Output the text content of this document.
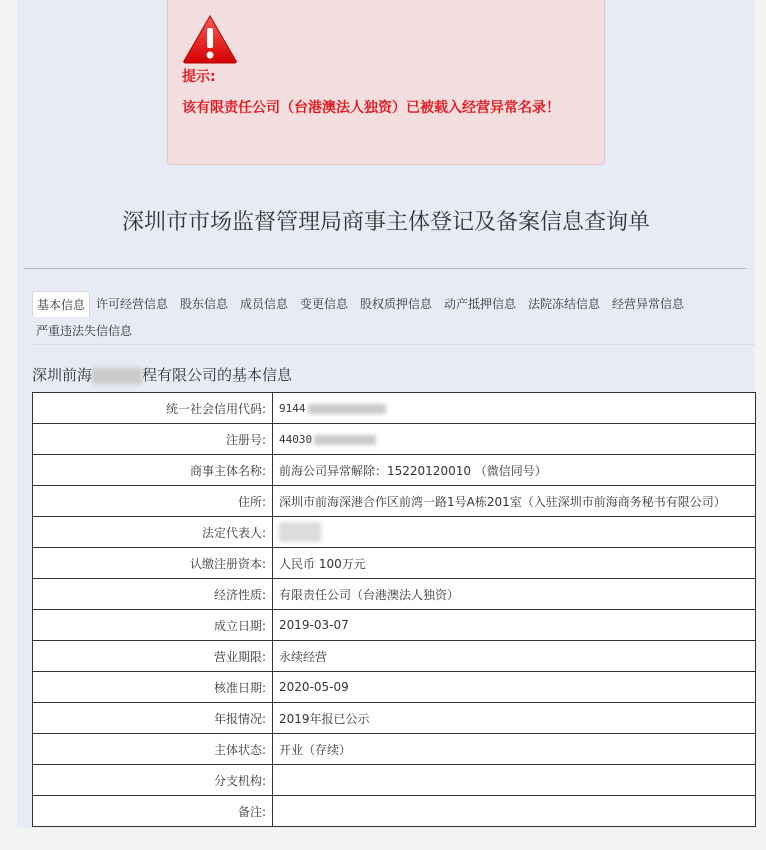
提示:
该有限责任公司（台港澳法人独资）已被载入经营异常名录！
深圳市市场监督管理局商事主体登记及备案信息查询单
基本信息 许可经营信息 股东信息 成员信息 变更信息 股权质押信息 动产抵押信息 法院冻结信息 经营异常信息
严重违法失信信息
深圳前海	程有限公司的基本信息
统一社会信用代码:	9144
注册号:	44030
商事主体名称:	前海公司异常解除：15220120010 （微信同号）
住所:	深圳市前海深港合作区前湾一路1号A栋201室（入驻深圳市前海商务秘书有限公司）
法定代表人:	
认缴注册资本:	人民币 100万元
经济性质:	有限责任公司（台港澳法人独资）
成立日期:	2019-03-07
营业期限:	永续经营
核准日期:	2020-05-09
年报情况:	2019年报已公示
主体状态:	开业（存续）
分支机构:	
备注:	
